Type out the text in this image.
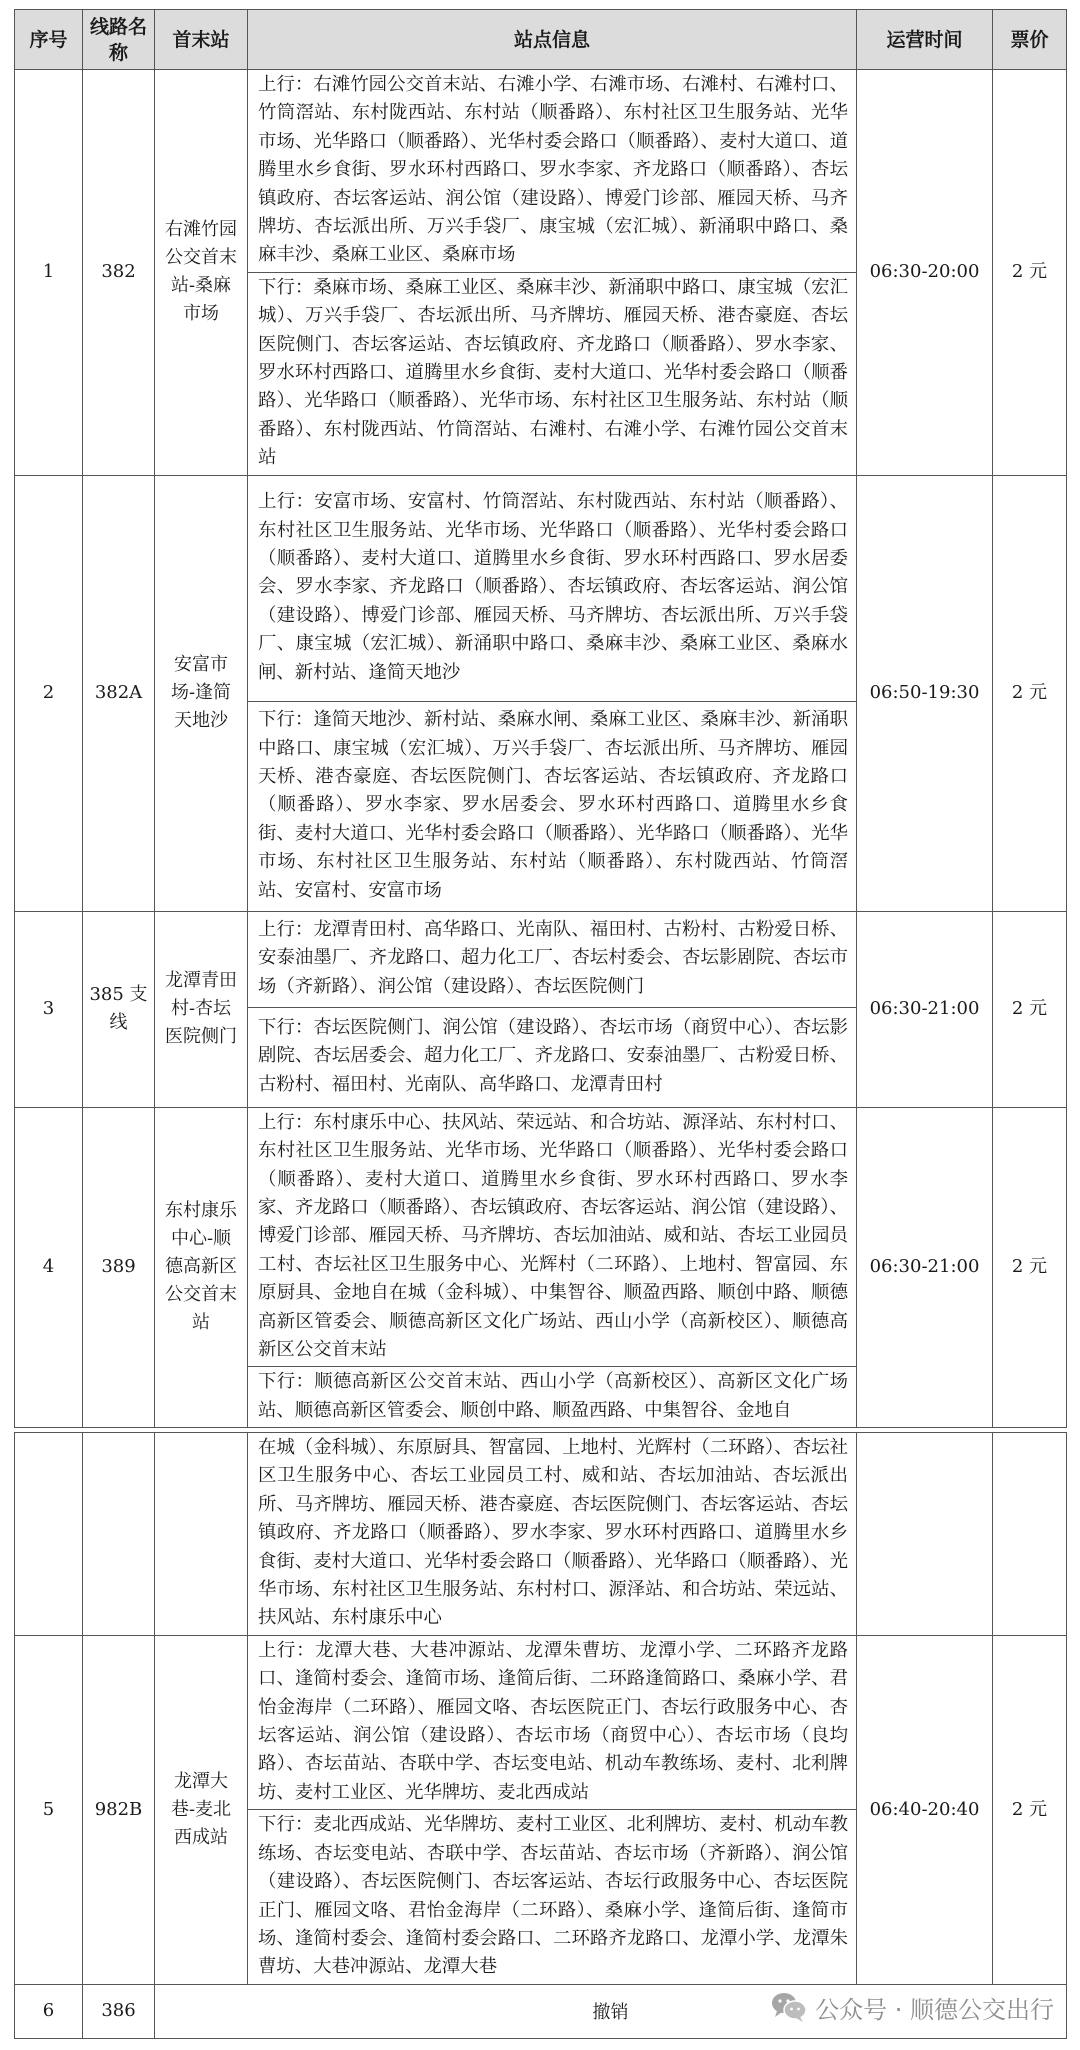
序号	线路名称	首末站	站点信息	运营时间	票价
1	382	右滩竹园公交首末站-桑麻市场	上行：右滩竹园公交首末站、右滩小学、右滩市场、右滩村、右滩村口、竹筒滘站、东村陇西站、东村站（顺番路）、东村社区卫生服务站、光华市场、光华路口（顺番路）、光华村委会路口（顺番路）、麦村大道口、道腾里水乡食街、罗水环村西路口、罗水李家、齐龙路口（顺番路）、杏坛镇政府、杏坛客运站、润公馆（建设路）、博爱门诊部、雁园天桥、马齐牌坊、杏坛派出所、万兴手袋厂、康宝城（宏汇城）、新涌职中路口、桑麻丰沙、桑麻工业区、桑麻市场	06:30-20:00	2 元
			下行：桑麻市场、桑麻工业区、桑麻丰沙、新涌职中路口、康宝城（宏汇城）、万兴手袋厂、杏坛派出所、马齐牌坊、雁园天桥、港杏豪庭、杏坛医院侧门、杏坛客运站、杏坛镇政府、齐龙路口（顺番路）、罗水李家、罗水环村西路口、道腾里水乡食街、麦村大道口、光华村委会路口（顺番路）、光华路口（顺番路）、光华市场、东村社区卫生服务站、东村站（顺番路）、东村陇西站、竹筒滘站、右滩村、右滩小学、右滩竹园公交首末站		
2	382A	安富市场-逢简天地沙	上行：安富市场、安富村、竹筒滘站、东村陇西站、东村站（顺番路）、东村社区卫生服务站、光华市场、光华路口（顺番路）、光华村委会路口（顺番路）、麦村大道口、道腾里水乡食街、罗水环村西路口、罗水居委会、罗水李家、齐龙路口（顺番路）、杏坛镇政府、杏坛客运站、润公馆（建设路）、博爱门诊部、雁园天桥、马齐牌坊、杏坛派出所、万兴手袋厂、康宝城（宏汇城）、新涌职中路口、桑麻丰沙、桑麻工业区、桑麻水闸、新村站、逢简天地沙	06:50-19:30	2 元
			下行：逢简天地沙、新村站、桑麻水闸、桑麻工业区、桑麻丰沙、新涌职中路口、康宝城（宏汇城）、万兴手袋厂、杏坛派出所、马齐牌坊、雁园天桥、港杏豪庭、杏坛医院侧门、杏坛客运站、杏坛镇政府、齐龙路口（顺番路）、罗水李家、罗水居委会、罗水环村西路口、道腾里水乡食街、麦村大道口、光华村委会路口（顺番路）、光华路口（顺番路）、光华市场、东村社区卫生服务站、东村站（顺番路）、东村陇西站、竹筒滘站、安富村、安富市场		
3	385 支线	龙潭青田村-杏坛医院侧门	上行：龙潭青田村、高华路口、光南队、福田村、古粉村、古粉爱日桥、安泰油墨厂、齐龙路口、超力化工厂、杏坛村委会、杏坛影剧院、杏坛市场（齐新路）、润公馆（建设路）、杏坛医院侧门	06:30-21:00	2 元
			下行：杏坛医院侧门、润公馆（建设路）、杏坛市场（商贸中心）、杏坛影剧院、杏坛居委会、超力化工厂、齐龙路口、安泰油墨厂、古粉爱日桥、古粉村、福田村、光南队、高华路口、龙潭青田村		
4	389	东村康乐中心-顺德高新区公交首末站	上行：东村康乐中心、扶风站、荣远站、和合坊站、源泽站、东村村口、东村社区卫生服务站、光华市场、光华路口（顺番路）、光华村委会路口（顺番路）、麦村大道口、道腾里水乡食街、罗水环村西路口、罗水李家、齐龙路口（顺番路）、杏坛镇政府、杏坛客运站、润公馆（建设路）、博爱门诊部、雁园天桥、马齐牌坊、杏坛加油站、威和站、杏坛工业园员工村、杏坛社区卫生服务中心、光辉村（二环路）、上地村、智富园、东原厨具、金地自在城（金科城）、中集智谷、顺盈西路、顺创中路、顺德高新区管委会、顺德高新区文化广场站、西山小学（高新校区）、顺德高新区公交首末站	06:30-21:00	2 元
			下行：顺德高新区公交首末站、西山小学（高新校区）、高新区文化广场站、顺德高新区管委会、顺创中路、顺盈西路、中集智谷、金地自		
			在城（金科城）、东原厨具、智富园、上地村、光辉村（二环路）、杏坛社区卫生服务中心、杏坛工业园员工村、威和站、杏坛加油站、杏坛派出所、马齐牌坊、雁园天桥、港杏豪庭、杏坛医院侧门、杏坛客运站、杏坛镇政府、齐龙路口（顺番路）、罗水李家、罗水环村西路口、道腾里水乡食街、麦村大道口、光华村委会路口（顺番路）、光华路口（顺番路）、光华市场、东村社区卫生服务站、东村村口、源泽站、和合坊站、荣远站、扶风站、东村康乐中心		
5	982B	龙潭大巷-麦北西成站	上行：龙潭大巷、大巷冲源站、龙潭朱曹坊、龙潭小学、二环路齐龙路口、逢简村委会、逢简市场、逢简后街、二环路逢简路口、桑麻小学、君怡金海岸（二环路）、雁园文咯、杏坛医院正门、杏坛行政服务中心、杏坛客运站、润公馆（建设路）、杏坛市场（商贸中心）、杏坛市场（良均路）、杏坛苗站、杏联中学、杏坛变电站、机动车教练场、麦村、北利牌坊、麦村工业区、光华牌坊、麦北西成站	06:40-20:40	2 元
			下行：麦北西成站、光华牌坊、麦村工业区、北利牌坊、麦村、机动车教练场、杏坛变电站、杏联中学、杏坛苗站、杏坛市场（齐新路）、润公馆（建设路）、杏坛医院侧门、杏坛客运站、杏坛行政服务中心、杏坛医院正门、雁园文咯、君怡金海岸（二环路）、桑麻小学、逢简后街、逢简市场、逢简村委会、逢简村委会路口、二环路齐龙路口、龙潭小学、龙潭朱曹坊、大巷冲源站、龙潭大巷		
6	386	撤销				公众号 · 顺德公交出行
